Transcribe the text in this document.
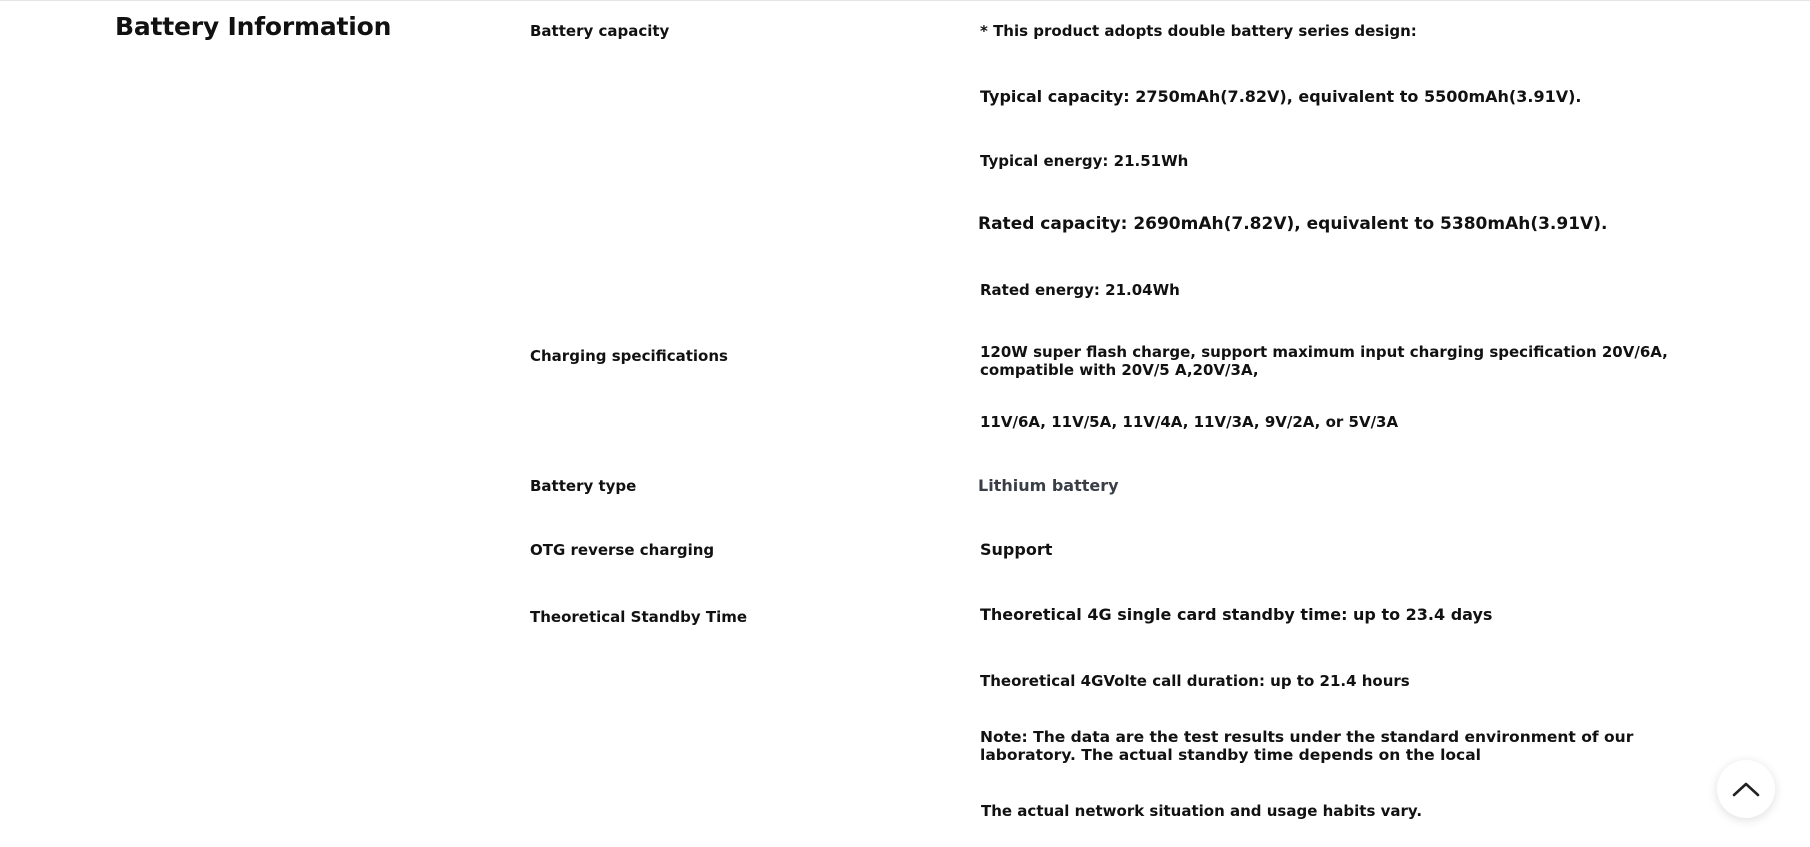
Battery Information	Battery capacity	* This product adopts double battery series design:
Typical capacity: 2750mAh(7.82V), equivalent to 5500mAh(3.91V).
Typical energy: 21.51Wh
Rated capacity: 2690mAh(7.82V), equivalent to 5380mAh(3.91V).
Rated energy: 21.04Wh
Charging specifications	120W super flash charge, support maximum input charging specification 20V/6A, compatible with 20V/5 A,20V/3A,
11V/6A, 11V/5A, 11V/4A, 11V/3A, 9V/2A, or 5V/3A
Battery type	Lithium battery
OTG reverse charging	Support
Theoretical Standby Time	Theoretical 4G single card standby time: up to 23.4 days
Theoretical 4GVolte call duration: up to 21.4 hours
Note: The data are the test results under the standard environment of our laboratory. The actual standby time depends on the local
The actual network situation and usage habits vary.
